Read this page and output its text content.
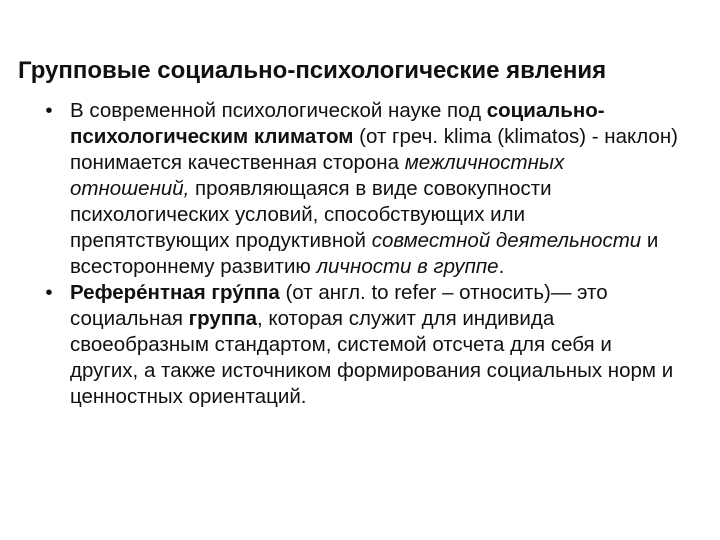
Групповые социально-психологические явления
• В современной психологической науке под социально-психологическим климатом (от греч. klima (klimatos) - наклон) понимается качественная сторона межличностных отношений, проявляющаяся в виде совокупности психологических условий, способствующих или препятствующих продуктивной совместной деятельности и всестороннему развитию личности в группе.
• Рефере́нтная гру́ппа (от англ. to refer – относить)— это социальная группа, которая служит для индивида своеобразным стандартом, системой отсчета для себя и других, а также источником формирования социальных норм и ценностных ориентаций.
